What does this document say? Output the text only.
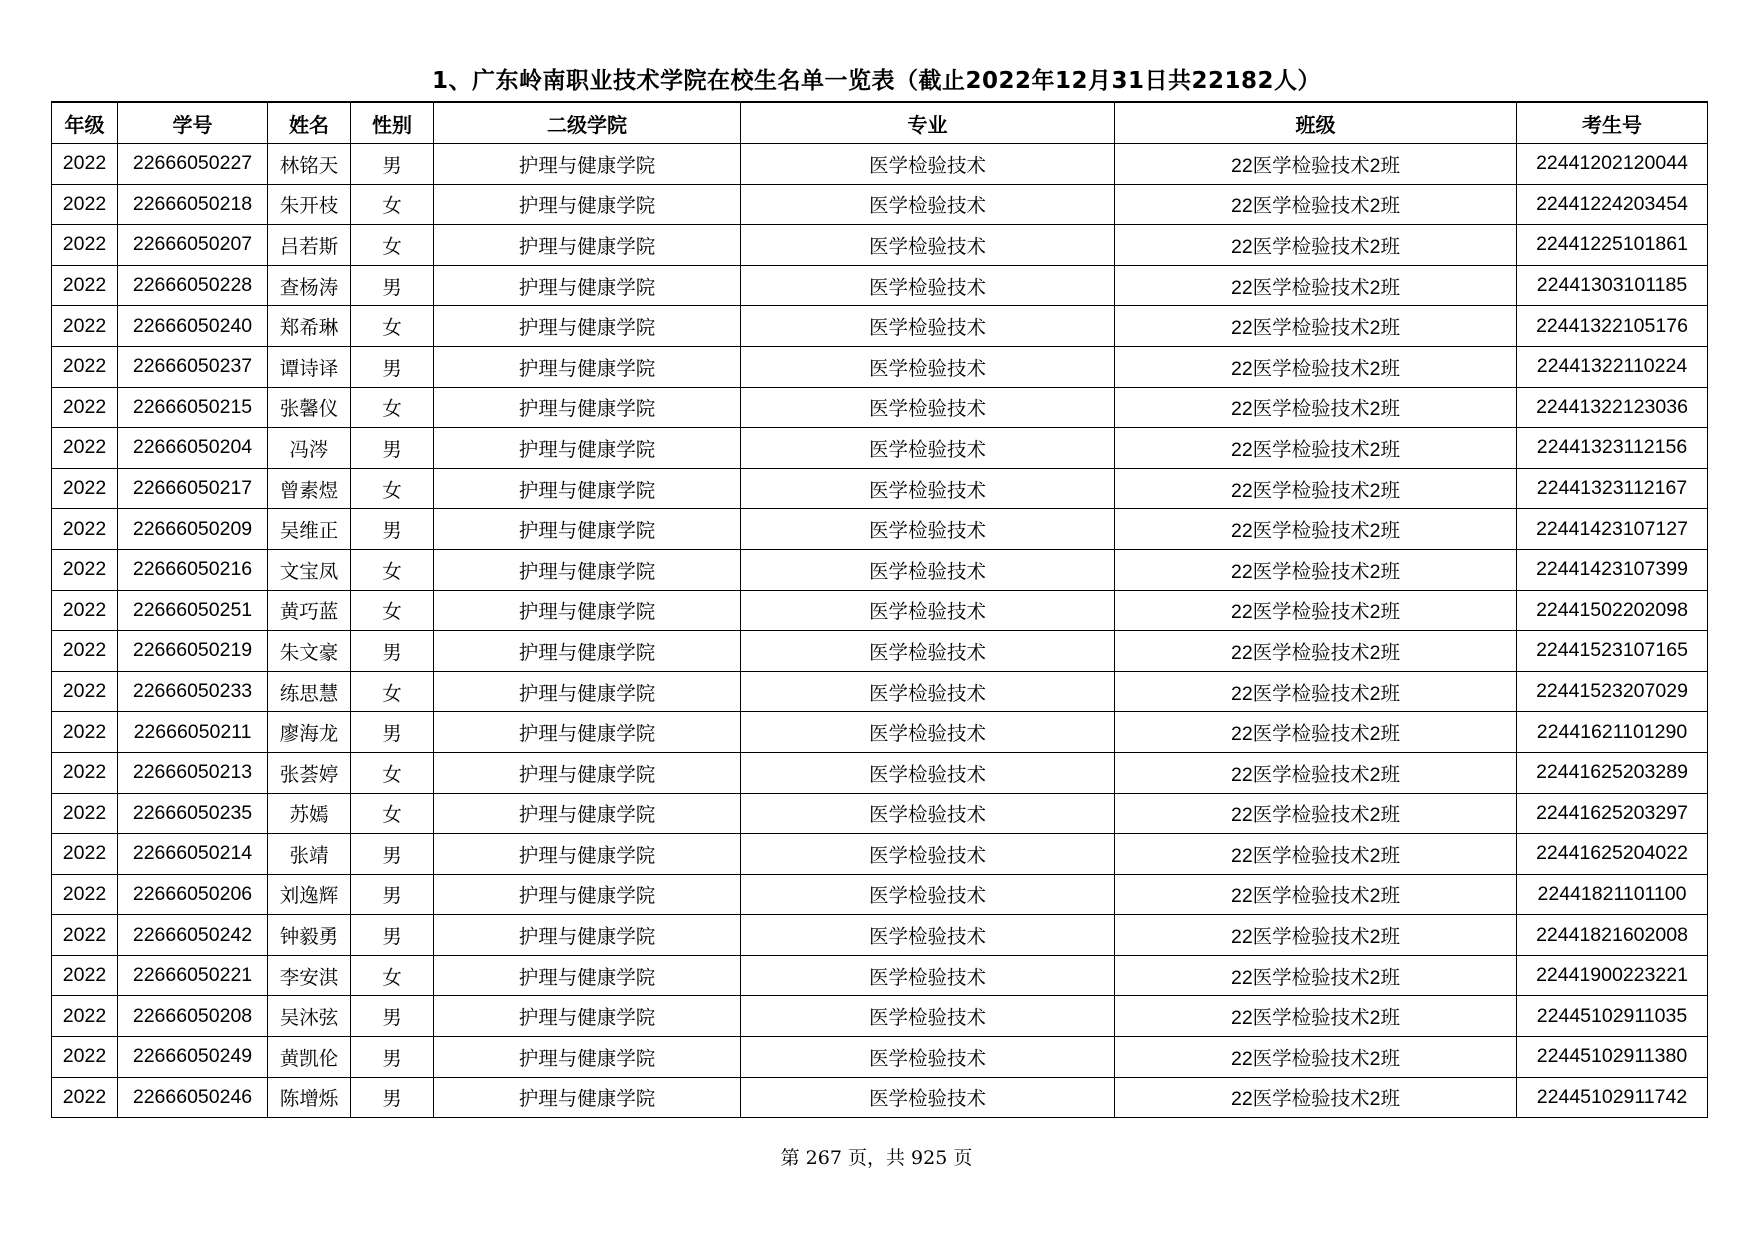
1、广东岭南职业技术学院在校生名单一览表（截止2022年12月31日共22182人）
年级	学号	姓名	性别	二级学院	专业	班级	考生号
2022	22666050227	林铭天	男	护理与健康学院	医学检验技术	22医学检验技术2班	22441202120044
2022	22666050218	朱开枝	女	护理与健康学院	医学检验技术	22医学检验技术2班	22441224203454
2022	22666050207	吕若斯	女	护理与健康学院	医学检验技术	22医学检验技术2班	22441225101861
2022	22666050228	查杨涛	男	护理与健康学院	医学检验技术	22医学检验技术2班	22441303101185
2022	22666050240	郑希琳	女	护理与健康学院	医学检验技术	22医学检验技术2班	22441322105176
2022	22666050237	谭诗译	男	护理与健康学院	医学检验技术	22医学检验技术2班	22441322110224
2022	22666050215	张馨仪	女	护理与健康学院	医学检验技术	22医学检验技术2班	22441322123036
2022	22666050204	冯涔	男	护理与健康学院	医学检验技术	22医学检验技术2班	22441323112156
2022	22666050217	曾素煜	女	护理与健康学院	医学检验技术	22医学检验技术2班	22441323112167
2022	22666050209	吴维正	男	护理与健康学院	医学检验技术	22医学检验技术2班	22441423107127
2022	22666050216	文宝凤	女	护理与健康学院	医学检验技术	22医学检验技术2班	22441423107399
2022	22666050251	黄巧蓝	女	护理与健康学院	医学检验技术	22医学检验技术2班	22441502202098
2022	22666050219	朱文豪	男	护理与健康学院	医学检验技术	22医学检验技术2班	22441523107165
2022	22666050233	练思慧	女	护理与健康学院	医学检验技术	22医学检验技术2班	22441523207029
2022	22666050211	廖海龙	男	护理与健康学院	医学检验技术	22医学检验技术2班	22441621101290
2022	22666050213	张荟婷	女	护理与健康学院	医学检验技术	22医学检验技术2班	22441625203289
2022	22666050235	苏嫣	女	护理与健康学院	医学检验技术	22医学检验技术2班	22441625203297
2022	22666050214	张靖	男	护理与健康学院	医学检验技术	22医学检验技术2班	22441625204022
2022	22666050206	刘逸辉	男	护理与健康学院	医学检验技术	22医学检验技术2班	22441821101100
2022	22666050242	钟毅勇	男	护理与健康学院	医学检验技术	22医学检验技术2班	22441821602008
2022	22666050221	李安淇	女	护理与健康学院	医学检验技术	22医学检验技术2班	22441900223221
2022	22666050208	吴沐弦	男	护理与健康学院	医学检验技术	22医学检验技术2班	22445102911035
2022	22666050249	黄凯伦	男	护理与健康学院	医学检验技术	22医学检验技术2班	22445102911380
2022	22666050246	陈增烁	男	护理与健康学院	医学检验技术	22医学检验技术2班	22445102911742
第 267 页，共 925 页
